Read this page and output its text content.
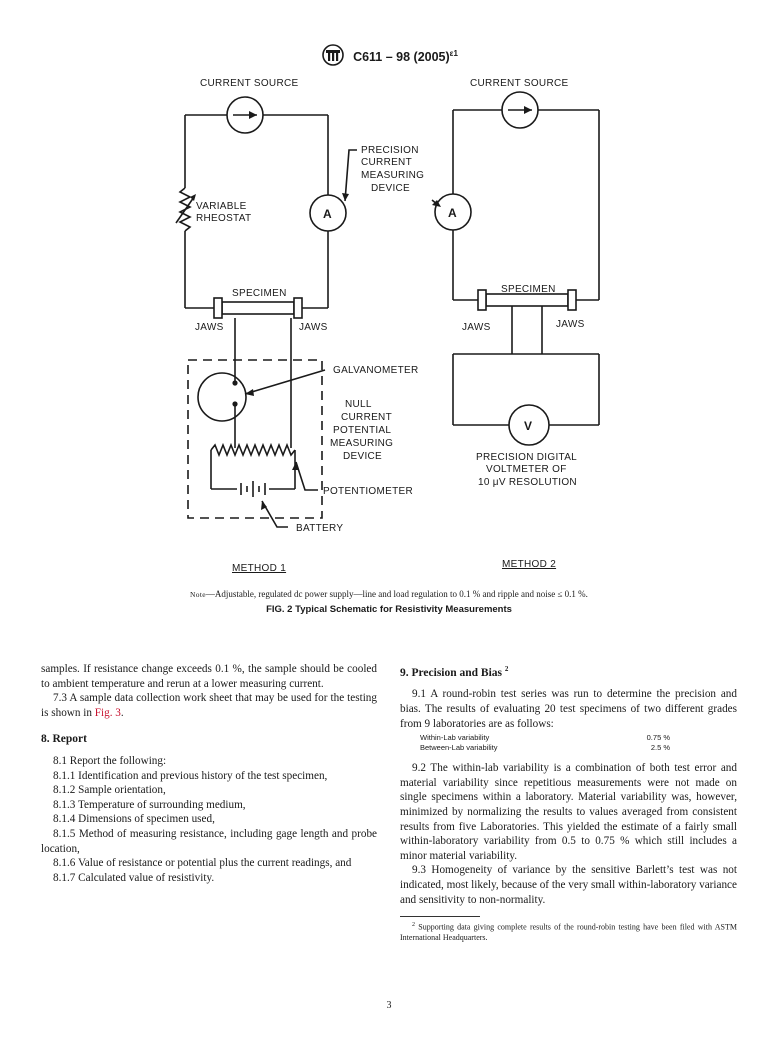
C611 – 98 $(2005)^{\varepsilon 1}$
CURRENT SOURCE
VARIABLE
RHEOSTAT	A
PRECISION
CURRENT
MEASURING
DEVICE
SPECIMEN
JAWS	JAWS
GALVANOMETER
NULL
CURRENT
POTENTIAL
MEASURING
DEVICE
POTENTIOMETER
BATTERY
METHOD 1
CURRENT SOURCE
A
SPECIMEN
JAWS	JAWS
V
PRECISION DIGITAL
VOLTMETER OF
10 μV RESOLUTION
METHOD 2
Note—Adjustable, regulated dc power supply—line and load regulation to 0.1 % and ripple and noise ≤ 0.1 %.
FIG. 2 Typical Schematic for Resistivity Measurements

samples. If resistance change exceeds 0.1 %, the sample should be cooled to ambient temperature and rerun at a lower measuring current.

7.3 A sample data collection work sheet that may be used for the testing is shown in Fig. 3.

8. Report

8.1 Report the following:

8.1.1 Identification and previous history of the test specimen,

8.1.2 Sample orientation,

8.1.3 Temperature of surrounding medium,

8.1.4 Dimensions of specimen used,

8.1.5 Method of measuring resistance, including gage length and probe location,

8.1.6 Value of resistance or potential plus the current readings, and

8.1.7 Calculated value of resistivity.

9. Precision and Bias $^2$

9.1 A round-robin test series was run to determine the precision and bias. The results of evaluating 20 test specimens of two different grades from 9 laboratories are as follows:

Within-Lab variability	0.75 %
Between-Lab variability	2.5 %

9.2 The within-lab variability is a combination of both test error and material variability since repetitious measurements were not made on single specimens within a laboratory. Material variability was, however, minimized by normalizing the results to values averaged from consistent results from five Laboratories. This yielded the estimate of a fairly small within-laboratory variability from 0.5 to 0.75 % which still includes a minor material variability.

9.3 Homogeneity of variance by the sensitive Barlett’s test was not indicated, most likely, because of the very small within-laboratory variance and sensitivity to non-normality.

$^2$ Supporting data giving complete results of the round-robin testing have been filed with ASTM International Headquarters.
3
